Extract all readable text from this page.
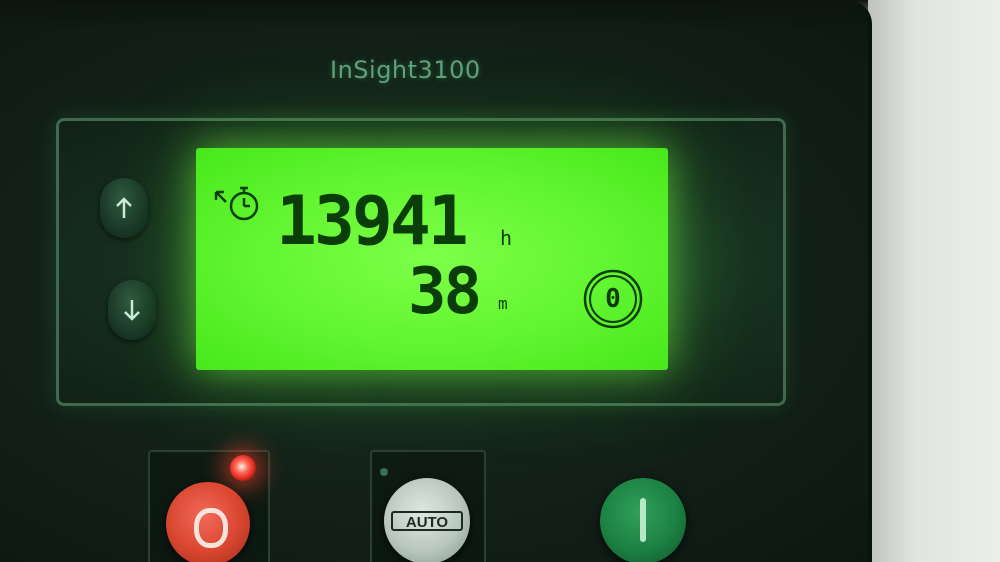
InSight3100
13941 h
38 m	0
AUTO
